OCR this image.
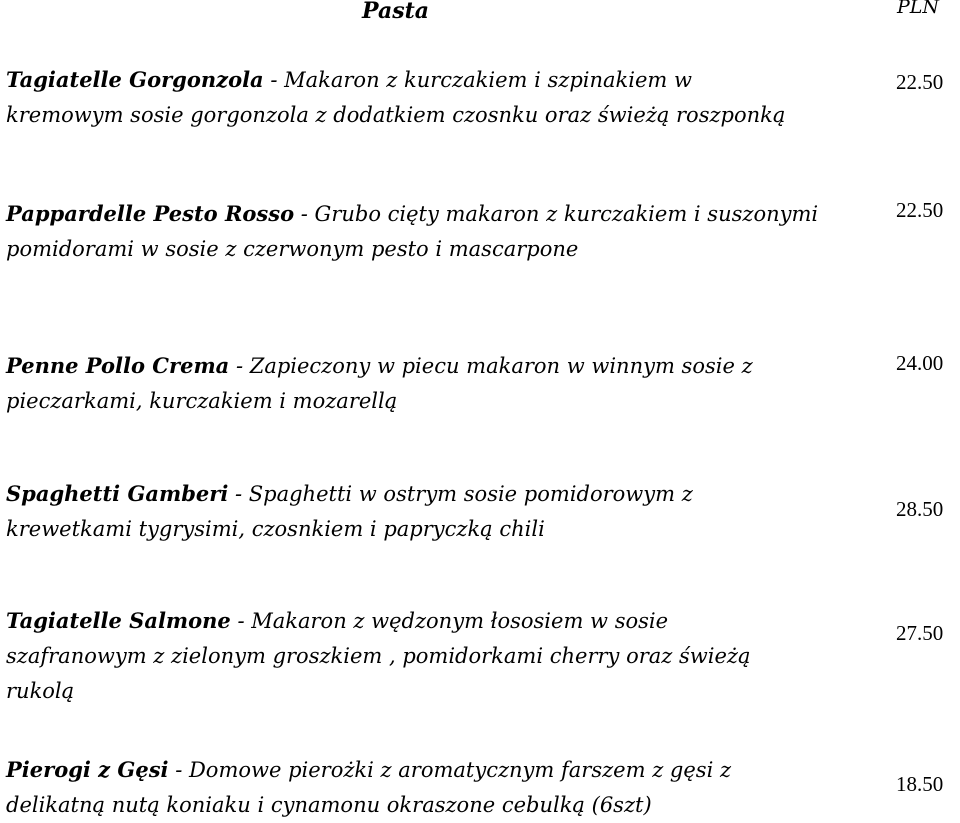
Pasta	PLN
Tagiatelle Gorgonzola - Makaron z kurczakiem i szpinakiem w
kremowym sosie gorgonzola z dodatkiem czosnku oraz świeżą roszponką
22.50
Pappardelle Pesto Rosso - Grubo cięty makaron z kurczakiem i suszonymi
pomidorami w sosie z czerwonym pesto i mascarpone
22.50
Penne Pollo Crema - Zapieczony w piecu makaron w winnym sosie z
pieczarkami, kurczakiem i mozarellą
24.00
Spaghetti Gamberi - Spaghetti w ostrym sosie pomidorowym z
krewetkami tygrysimi, czosnkiem i papryczką chili
28.50
Tagiatelle Salmone - Makaron z wędzonym łososiem w sosie
szafranowym z zielonym groszkiem , pomidorkami cherry oraz świeżą
rukolą
27.50
Pierogi z Gęsi - Domowe pierożki z aromatycznym farszem z gęsi z
delikatną nutą koniaku i cynamonu okraszone cebulką (6szt)
18.50
